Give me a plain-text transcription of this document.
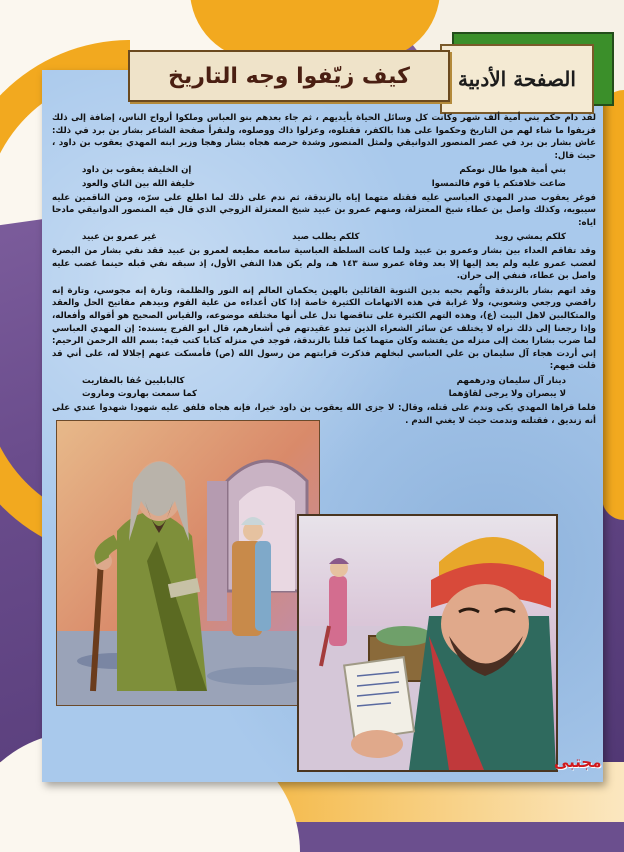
الصفحة الأدبية
كيف زيّفوا وجه التاريخ

لقد دام حكم بني أمية ألف شهر وكانت كل وسائل الحياة بأيديهم ، ثم جاء بعدهم بنو العباس وملكوا أرواح الناس، إضافة إلى ذلك فزيفوا ما شاء لهم من التاريخ وحكموا على هذا بالكفر، فقتلوه، وعزلوا ذاك ووصلوه، ولنقرأ صفحة الشاعر بشار بن برد في ذلك: عاش بشار بن برد في عصر المنصور الدوانيقي ولمثل المنصور وشدة حرصه هجاه بشار وهجا وزير ابنه المهدي يعقوب بن داود ، حيث قال:

بني أمية هبوا طال نومكم
إن الخليفة يعقوب بن داود
ضاعت خلافتكم يا قوم فالتمسوا
خليفة الله بين الناي والعود

فوغر يعقوب صدر المهدي العباسي عليه فقتله متهما إياه بالزندقة، ثم ندم على ذلك لما اطلع على سرّه، ومن الناقمين عليه سيبويه، وكذلك واصل بن عطاء شيخ المعتزلة، ومنهم عمرو بن عبيد شيخ المعتزلة الزوجي الذي قال فيه المنصور الدوانيقي مادحا اياه:

كلكم يمشي رويد
كلكم يطلب صيد
غير عمرو بن عبيد

وقد تفاقم العداء بين بشار وعمرو بن عبيد ولما كانت السلطة العباسية سامعه مطيعه لعمرو بن عبيد فقد نفي بشار من البصرة لغضب عمرو عليه ولم يعد إليها إلا بعد وفاة عمرو سنة ١٤٣ هـ، ولم يكن هذا النفي الأول، إذ سبقه نفي قبله حينما غضب عليه واصل بن عطاء، فنفي إلى حران.

وقد اتهم بشار بالزندقة واتُّهم بحبه بدين الثنوية القائلين بالهين يحكمان العالم إنه النور والظلمة، وتارة إنه مجوسي، وتارة إنه رافضي ورجعي وشعوبي، ولا غرابة في هذه الاتهامات الكثيرة خاصة إذا كان أعداءه من علية القوم وبيدهم مفاتيح الحل والعقد والمتكالبين لاهل البيت (ع)، وهذه التهم الكثيرة على تناقضها تدل على أنها مختلفه موضوعه، والقياس الصحيح هو أقواله وأفعاله، وإذا رجعنا إلى ذلك نراه لا يختلف عن سائر الشعراء الذين تبدو عقيدتهم في أشعارهم، قال ابو الفرج يسنده: إن المهدي العباسي لما ضرب بشارا بعث إلى منزله من يفتشه وكان متهما كما قلنا بالزندقة، فوجد في منزله كتابا كتب فيه: بسم الله الرحمن الرحيم: إني أردت هجاء آل سليمان بن علي العباسي لبخلهم فذكرت قرابتهم من رسول الله (ص) فأمسكت عنهم إجلالا له، على أني قد قلت فيهم:

دينار آل سليمان ودرهمهم
كالبابليين حُفا بالعفاريت
لا يبصران ولا يرجى لقاؤهما
كما سمعت بهاروت وماروت

فلما قراها المهدي بكى وندم على قتله، وقال: لا جزى الله يعقوب بن داود خيرا، فإنه هجاه فلفق عليه شهودا شهدوا عندي على أنه زنديق ، فقتلته وندمت حيث لا يغني الندم .

مجتبى
